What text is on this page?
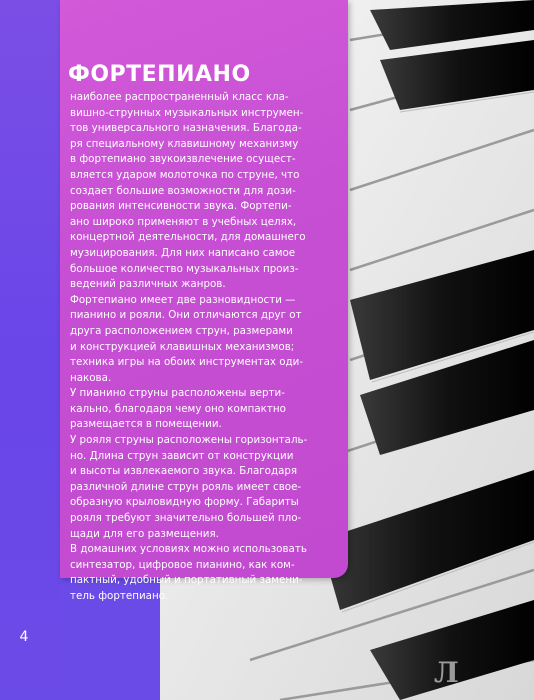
4
ФОРТЕПИАНО

наиболее распространенный класс кла-

вишно-струнных музыкальных инструмен-

тов универсального назначения. Благода-

ря специальному клавишному механизму

в фортепиано звукоизвлечение осущест-

вляется ударом молоточка по струне, что

создает большие возможности для дози-

рования интенсивности звука. Фортепи-

ано широко применяют в учебных целях,

концертной деятельности, для домашнего

музицирования. Для них написано самое

большое количество музыкальных произ-

ведений различных жанров.

Фортепиано имеет две разновидности —

пианино и рояли. Они отличаются друг от

друга расположением струн, размерами

и конструкцией клавишных механизмов;

техника игры на обоих инструментах оди-

накова.

У пианино струны расположены верти-

кально, благодаря чему оно компактно

размещается в помещении.

У рояля струны расположены горизонталь-

но. Длина струн зависит от конструкции

и высоты извлекаемого звука. Благодаря

различной длине струн рояль имеет свое-

образную крыловидную форму. Габариты

рояля требуют значительно большей пло-

щади для его размещения.

В домашних условиях можно использовать

синтезатор, цифровое пианино, как ком-

пактный, удобный и портативный замени-

тель фортепиано.

Л
